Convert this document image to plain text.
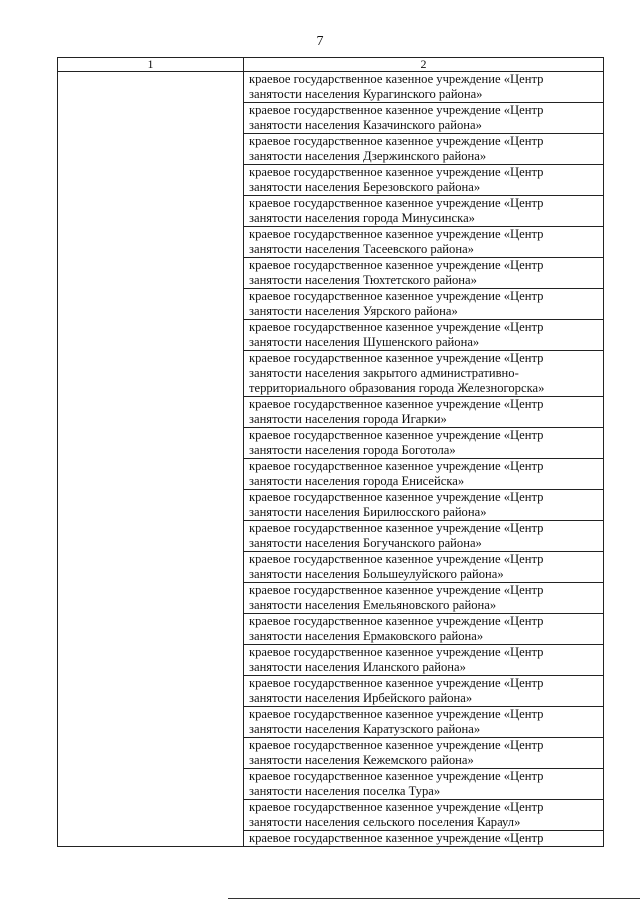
7
1	2

	краевое государственное казенное учреждение «Центр
занятости населения Курагинского района»

	краевое государственное казенное учреждение «Центр
занятости населения Казачинского района»

	краевое государственное казенное учреждение «Центр
занятости населения Дзержинского района»

	краевое государственное казенное учреждение «Центр
занятости населения Березовского района»

	краевое государственное казенное учреждение «Центр
занятости населения города Минусинска»

	краевое государственное казенное учреждение «Центр
занятости населения Тасеевского района»

	краевое государственное казенное учреждение «Центр
занятости населения Тюхтетского района»

	краевое государственное казенное учреждение «Центр
занятости населения Уярского района»

	краевое государственное казенное учреждение «Центр
занятости населения Шушенского района»

	краевое государственное казенное учреждение «Центр
занятости населения закрытого административно-
территориального образования города Железногорска»

	краевое государственное казенное учреждение «Центр
занятости населения города Игарки»

	краевое государственное казенное учреждение «Центр
занятости населения города Боготола»

	краевое государственное казенное учреждение «Центр
занятости населения города Енисейска»

	краевое государственное казенное учреждение «Центр
занятости населения Бирилюсского района»

	краевое государственное казенное учреждение «Центр
занятости населения Богучанского района»

	краевое государственное казенное учреждение «Центр
занятости населения Большеулуйского района»

	краевое государственное казенное учреждение «Центр
занятости населения Емельяновского района»

	краевое государственное казенное учреждение «Центр
занятости населения Ермаковского района»

	краевое государственное казенное учреждение «Центр
занятости населения Иланского района»

	краевое государственное казенное учреждение «Центр
занятости населения Ирбейского района»

	краевое государственное казенное учреждение «Центр
занятости населения Каратузского района»

	краевое государственное казенное учреждение «Центр
занятости населения Кежемского района»

	краевое государственное казенное учреждение «Центр
занятости населения поселка Тура»

	краевое государственное казенное учреждение «Центр
занятости населения сельского поселения Караул»

	краевое государственное казенное учреждение «Центр
